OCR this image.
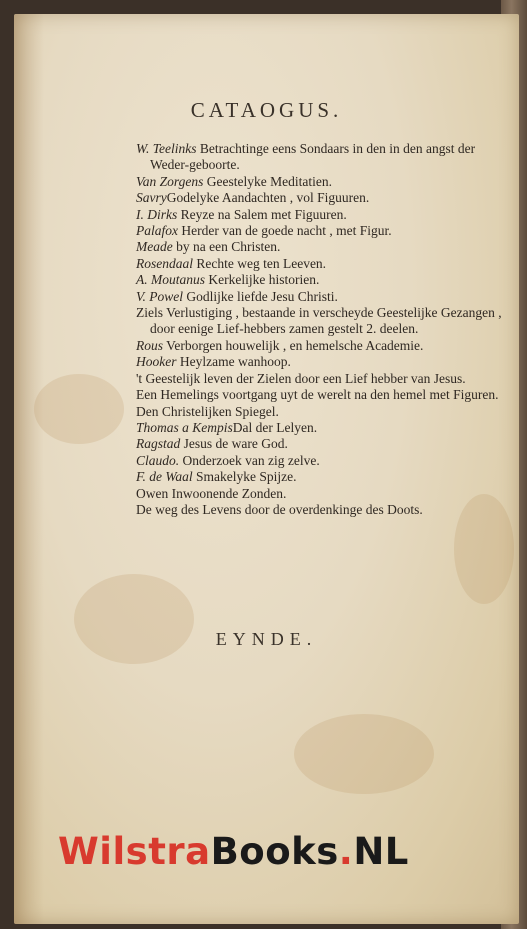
CATAOGUS.

W. Teelinks Betrachtinge eens Sondaars in den in den angst der Weder-geboorte.

Van Zorgens Geestelyke Meditatien.

SavryGodelyke Aandachten , vol Figuuren.

I. Dirks Reyze na Salem met Figuuren.

Palafox Herder van de goede nacht , met Figur.

Meade by na een Christen.

Rosendaal Rechte weg ten Leeven.

A. Moutanus Kerkelijke historien.

V. Powel Godlijke liefde Jesu Christi.

Ziels Verlustiging , bestaande in verscheyde Geestelijke Gezangen , door eenige Lief-hebbers zamen gestelt 2. deelen.

Rous Verborgen houwelijk , en hemelsche Academie.

Hooker Heylzame wanhoop.

't Geestelijk leven der Zielen door een Lief hebber van Jesus.

Een Hemelings voortgang uyt de werelt na den hemel met Figuren.

Den Christelijken Spiegel.

Thomas a KempisDal der Lelyen.

Ragstad Jesus de ware God.

Claudo. Onderzoek van zig zelve.

F. de Waal Smakelyke Spijze.

Owen Inwoonende Zonden.

De weg des Levens door de overdenkinge des Doots.

EYNDE.
WilstraBooks.NL
